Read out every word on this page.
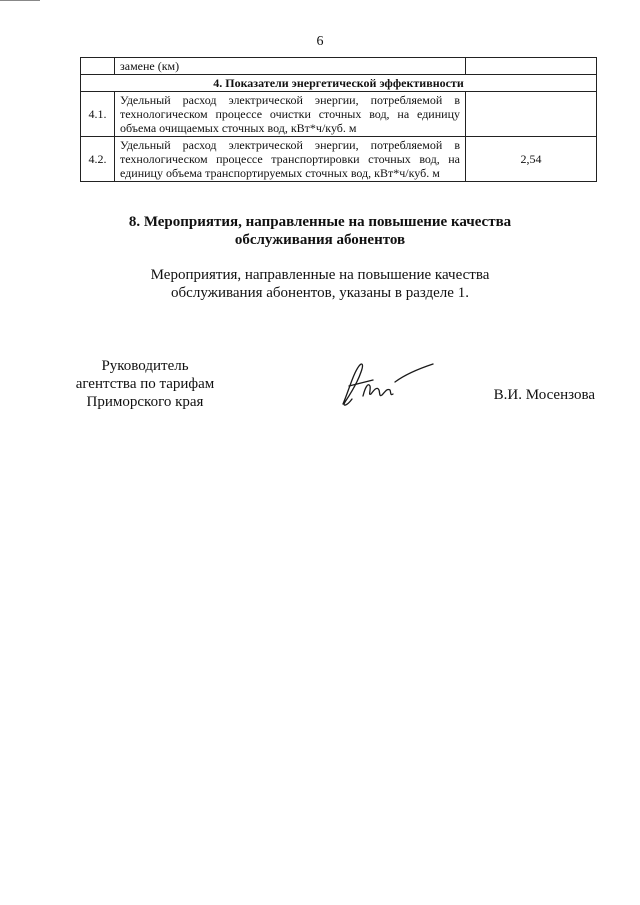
6
	замене (км)	
4. Показатели энергетической эффективности		
4.1.	Удельный расход электрической энергии, потребляемой в технологическом процессе очистки сточных вод, на единицу объема очищаемых сточных вод, кВт*ч/куб. м	
4.2.	Удельный расход электрической энергии, потребляемой в технологическом процессе транспортировки сточных вод, на единицу объема транспортируемых сточных вод, кВт*ч/куб. м	2,54
8. Мероприятия, направленные на повышение качества
обслуживания абонентов
Мероприятия, направленные на повышение качества
обслуживания абонентов, указаны в разделе 1.
Руководитель
агентства по тарифам
Приморского края	В.И. Мосензова
